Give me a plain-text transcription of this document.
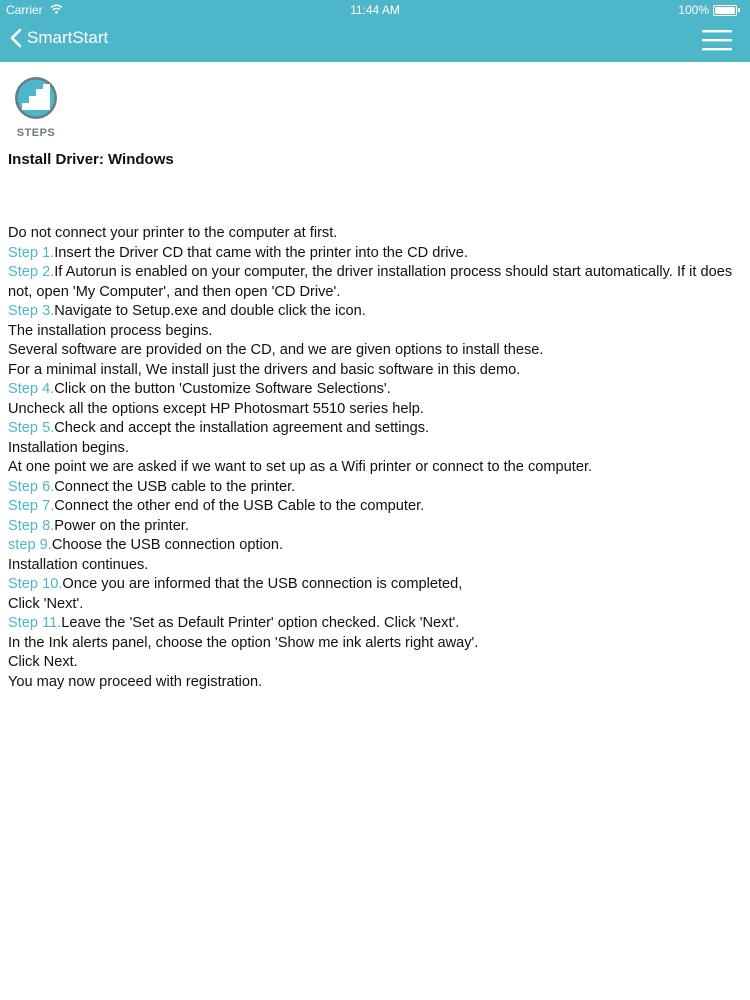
Carrier	11:44 AM	100%
SmartStart
STEPS
Install Driver: Windows
Do not connect your printer to the computer at first.
Step 1.Insert the Driver CD that came with the printer into the CD drive.
Step 2.If Autorun is enabled on your computer, the driver installation process should start automatically. If it does not, open 'My Computer', and then open 'CD Drive'.
Step 3.Navigate to Setup.exe and double click the icon.
The installation process begins.
Several software are provided on the CD, and we are given options to install these.
For a minimal install, We install just the drivers and basic software in this demo.
Step 4.Click on the button 'Customize Software Selections'.
Uncheck all the options except HP Photosmart 5510 series help.
Step 5.Check and accept the installation agreement and settings.
Installation begins.
At one point we are asked if we want to set up as a Wifi printer or connect to the computer.
Step 6.Connect the USB cable to the printer.
Step 7.Connect the other end of the USB Cable to the computer.
Step 8.Power on the printer.
step 9.Choose the USB connection option.
Installation continues.
Step 10.Once you are informed that the USB connection is completed,
Click 'Next'.
Step 11.Leave the 'Set as Default Printer' option checked. Click 'Next'.
In the Ink alerts panel, choose the option 'Show me ink alerts right away'.
Click Next.
You may now proceed with registration.
